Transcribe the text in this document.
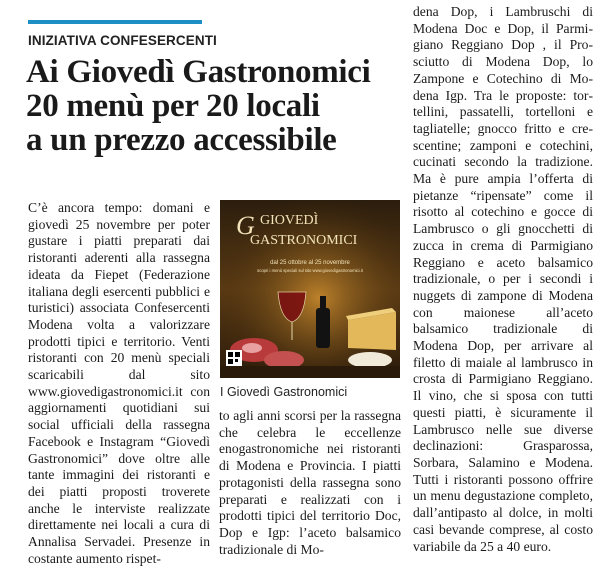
INIZIATIVA CONFESERCENTI
Ai Giovedì Gastronomici
20 menù per 20 locali
a un prezzo accessibile

C’è ancora tempo: domani e giovedì 25 novembre per poter gustare i piatti preparati dai ristoranti aderenti alla rassegna ideata da Fiepet (Federazione italiana degli esercenti pubblici e turistici) associata Confesercenti Modena volta a valorizzare prodotti tipici e territorio. Venti ristoranti con 20 menù speciali scaricabili dal sito www.giovedigastronomici.it con aggiornamenti quotidiani sui social ufficiali della rassegna Facebook e Instagram “Giovedì Gastronomici” dove oltre alle tante immagini dei ristoranti e dei piatti proposti troverete anche le interviste realizzate direttamente nei locali a cura di Annalisa Servadei. Presenze in costante aumento rispet-

G GIOVEDÌ
GASTRONOMICI
dal 25 ottobre al 25 novembre
scopri i menù speciali sul sito www.giovedigastronomici.it
I Giovedì Gastronomici

to agli anni scorsi per la rassegna che celebra le eccellenze enogastronomiche nei ristoranti di Modena e Provincia. I piatti protagonisti della rassegna sono preparati e realizzati con i prodotti tipici del territorio Doc, Dop e Igp: l’aceto balsamico tradizionale di Mo-

dena Dop, i Lambruschi di Modena Doc e Dop, il Parmigiano Reggiano Dop , il Prosciutto di Modena Dop, lo Zampone e Cotechino di Modena Igp. Tra le proposte: tortellini, passatelli, tortelloni e tagliatelle; gnocco fritto e crescentine; zamponi e cotechini, cucinati secondo la tradizione. Ma è pure ampia l’offerta di pietanze “ripensate” come il risotto al cotechino e gocce di Lambrusco o gli gnocchetti di zucca in crema di Parmigiano Reggiano e aceto balsamico tradizionale, o per i secondi i nuggets di zampone di Modena con maionese all’aceto balsamico tradizionale di Modena Dop, per arrivare al filetto di maiale al lambrusco in crosta di Parmigiano Reggiano. Il vino, che si sposa con tutti questi piatti, è sicuramente il Lambrusco nelle sue diverse declinazioni: Grasparossa, Sorbara, Salamino e Modena. Tutti i ristoranti possono offrire un menu degustazione completo, dall’antipasto al dolce, in molti casi bevande comprese, al costo variabile da 25 a 40 euro.
